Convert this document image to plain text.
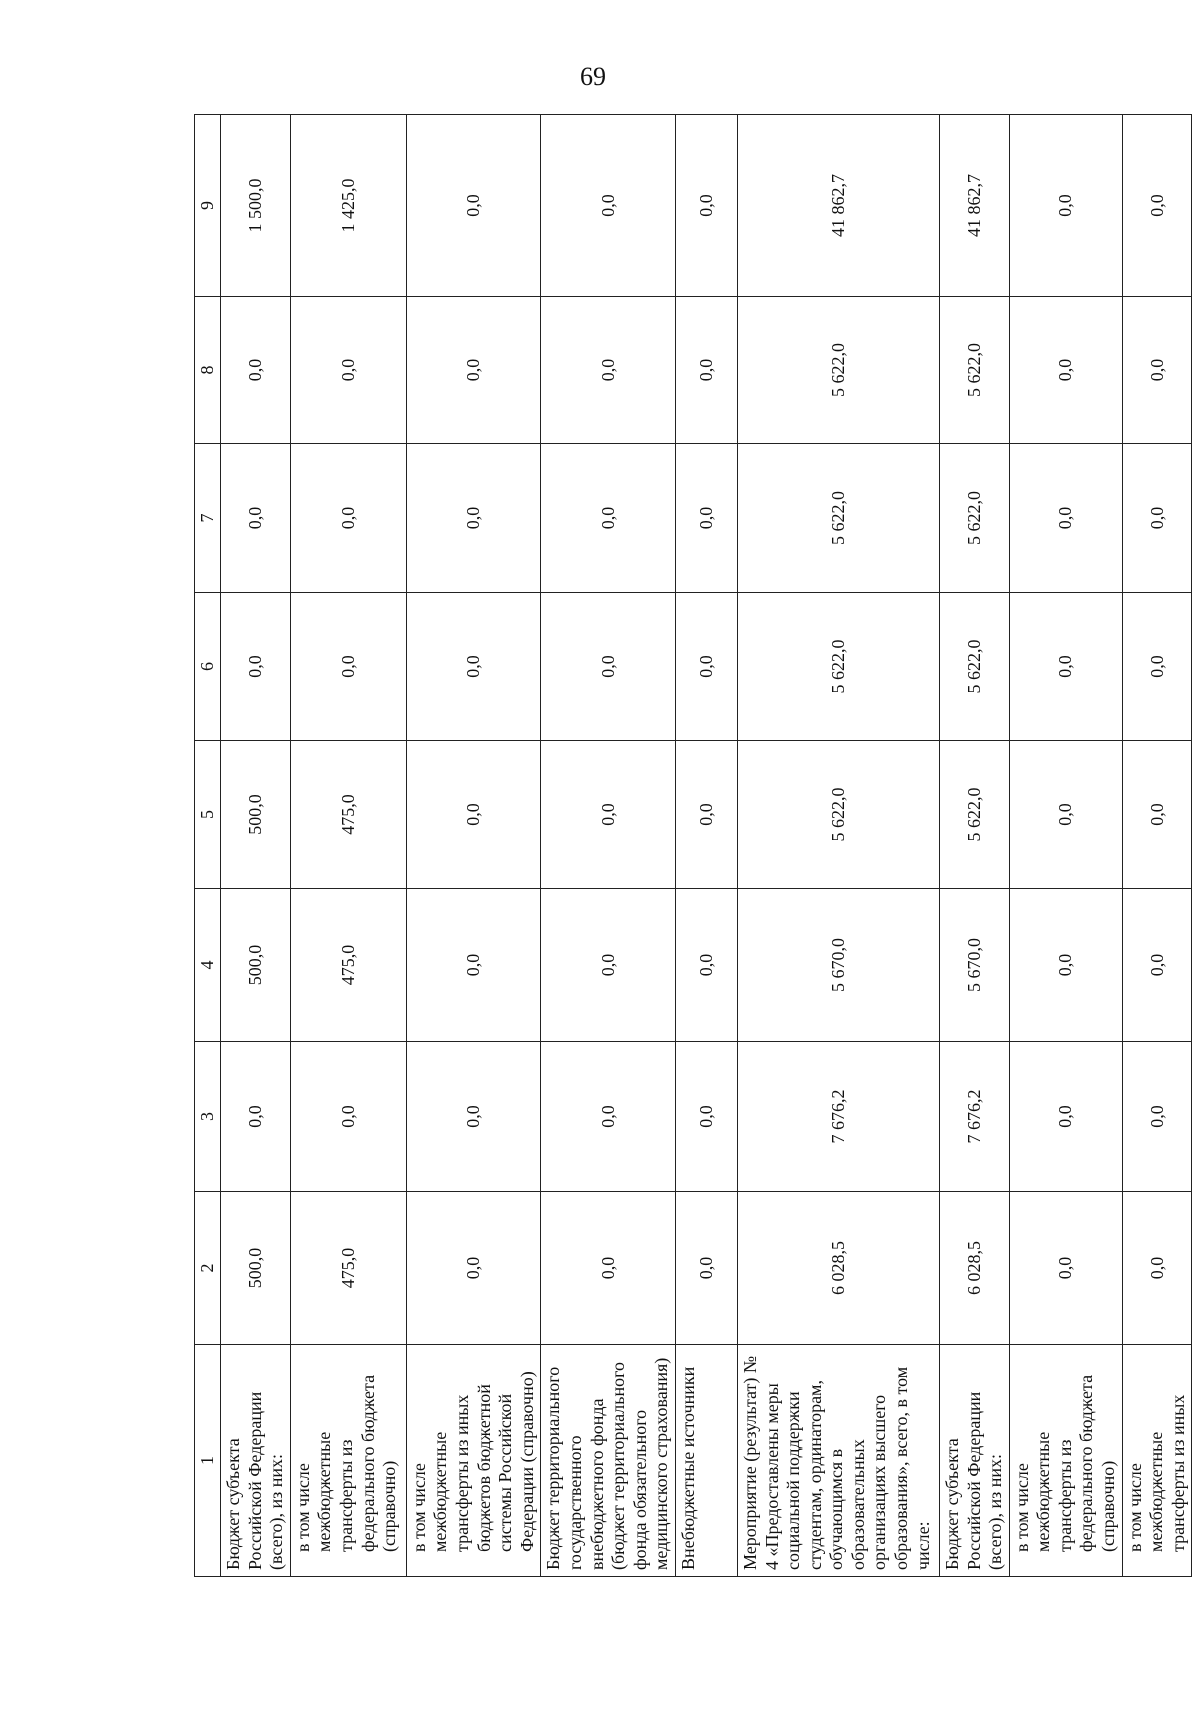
69
1	2	3	4	5	6	7	8	9
Бюджет субъекта Российской Федерации (всего), из них:	500,0	0,0	500,0	500,0	0,0	0,0	0,0	1 500,0
в том числе межбюджетные трансферты из федерального бюджета (справочно)	475,0	0,0	475,0	475,0	0,0	0,0	0,0	1 425,0
в том числе межбюджетные трансферты из иных бюджетов бюджетной системы Российской Федерации (справочно)	0,0	0,0	0,0	0,0	0,0	0,0	0,0	0,0
Бюджет территориального государственного внебюджетного фонда (бюджет территориального фонда обязательного медицинского страхования)	0,0	0,0	0,0	0,0	0,0	0,0	0,0	0,0
Внебюджетные источники	0,0	0,0	0,0	0,0	0,0	0,0	0,0	0,0
Мероприятие (результат) № 4 «Предоставлены меры социальной поддержки студентам, ординаторам, обучающимся в образовательных организациях высшего образования», всего, в том числе:	6 028,5	7 676,2	5 670,0	5 622,0	5 622,0	5 622,0	5 622,0	41 862,7
Бюджет субъекта Российской Федерации (всего), из них:	6 028,5	7 676,2	5 670,0	5 622,0	5 622,0	5 622,0	5 622,0	41 862,7
в том числе межбюджетные трансферты из федерального бюджета (справочно)	0,0	0,0	0,0	0,0	0,0	0,0	0,0	0,0
в том числе межбюджетные трансферты из иных	0,0	0,0	0,0	0,0	0,0	0,0	0,0	0,0
